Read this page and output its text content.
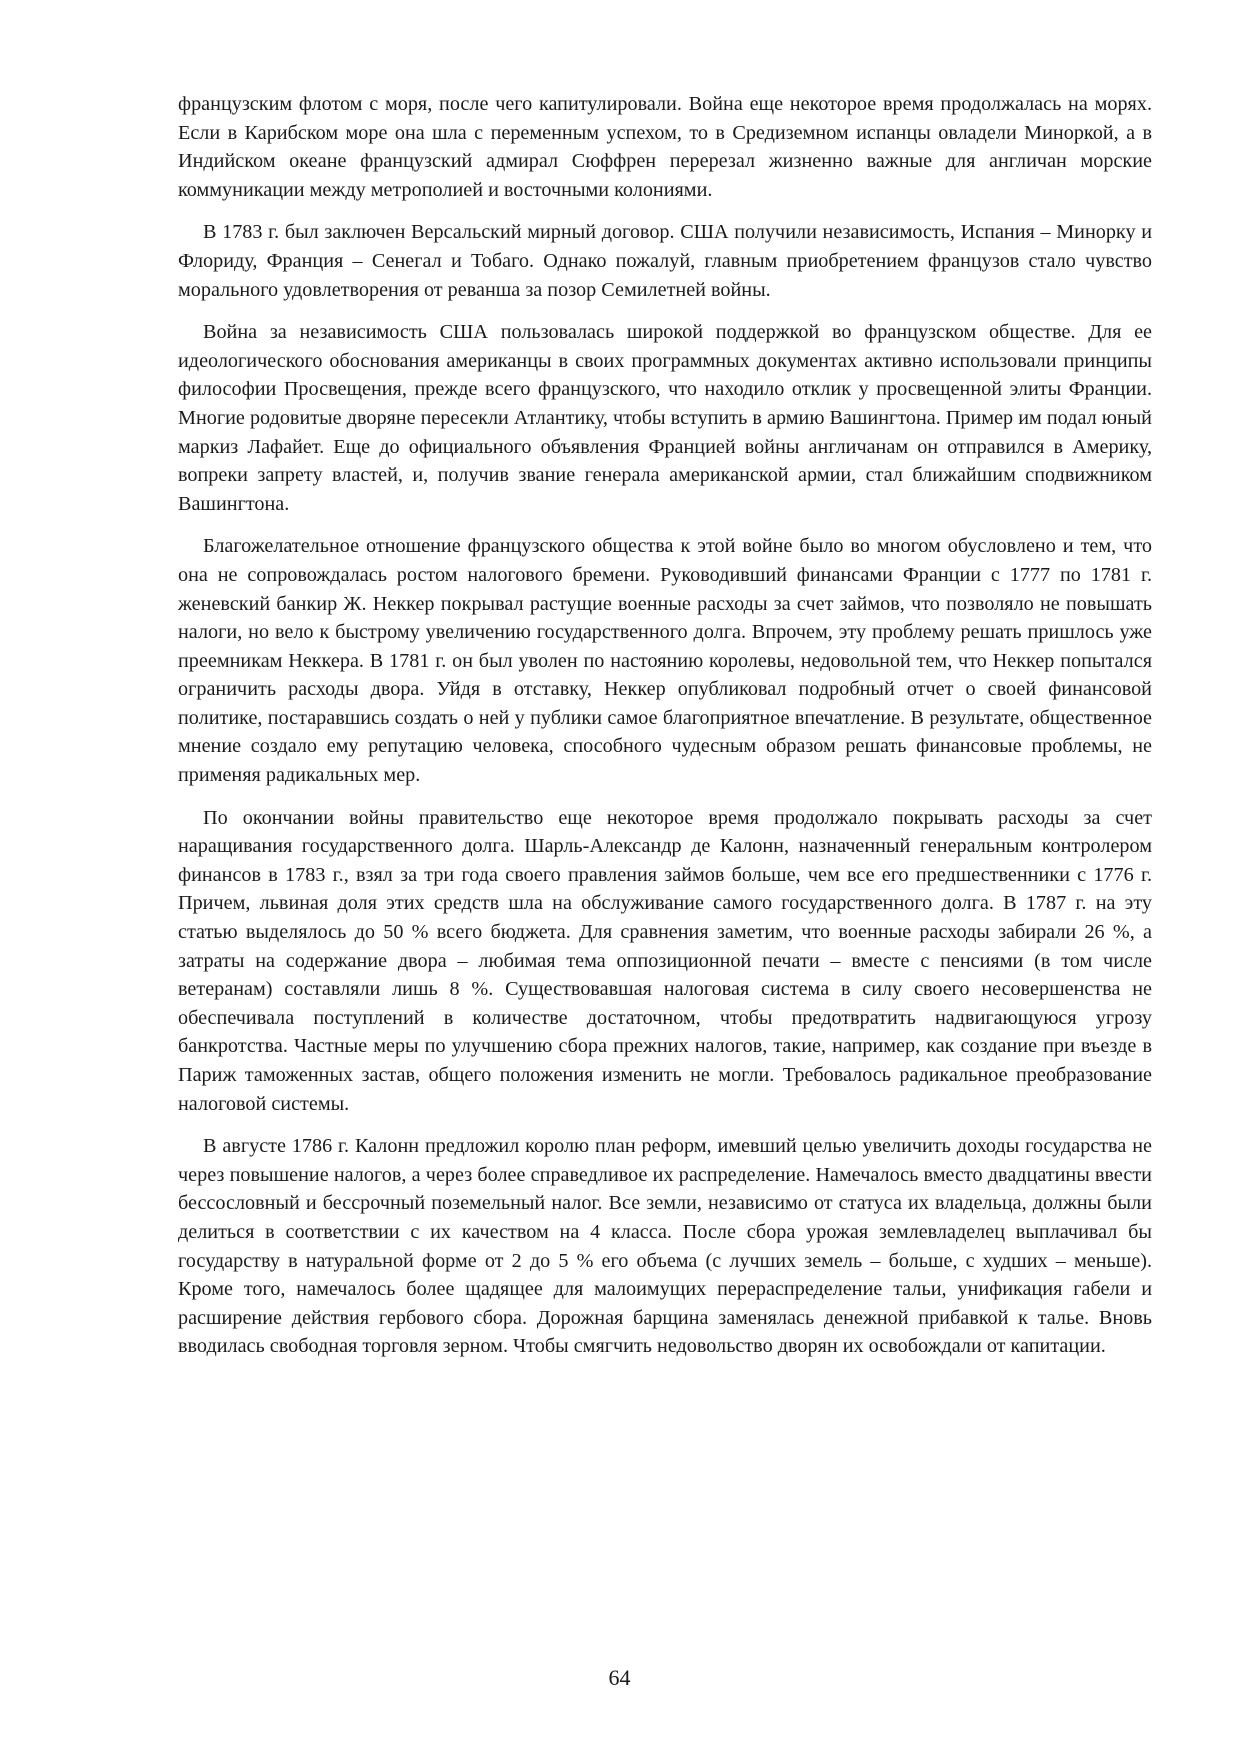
французским флотом с моря, после чего капитулировали. Война еще некоторое время продолжалась на морях. Если в Карибском море она шла с переменным успехом, то в Средиземном испанцы овладели Миноркой, а в Индийском океане французский адмирал Сюффрен перерезал жизненно важные для англичан морские коммуникации между метрополией и восточными колониями.

В 1783 г. был заключен Версальский мирный договор. США получили независимость, Испания – Минорку и Флориду, Франция – Сенегал и Тобаго. Однако пожалуй, главным приобретением французов стало чувство морального удовлетворения от реванша за позор Семилетней войны.

Война за независимость США пользовалась широкой поддержкой во французском обществе. Для ее идеологического обоснования американцы в своих программных документах активно использовали принципы философии Просвещения, прежде всего французского, что находило отклик у просвещенной элиты Франции. Многие родовитые дворяне пересекли Атлантику, чтобы вступить в армию Вашингтона. Пример им подал юный маркиз Лафайет. Еще до официального объявления Францией войны англичанам он отправился в Америку, вопреки запрету властей, и, получив звание генерала американской армии, стал ближайшим сподвижником Вашингтона.

Благожелательное отношение французского общества к этой войне было во многом обусловлено и тем, что она не сопровождалась ростом налогового бремени. Руководивший финансами Франции с 1777 по 1781 г. женевский банкир Ж. Неккер покрывал растущие военные расходы за счет займов, что позволяло не повышать налоги, но вело к быстрому увеличению государственного долга. Впрочем, эту проблему решать пришлось уже преемникам Неккера. В 1781 г. он был уволен по настоянию королевы, недовольной тем, что Неккер попытался ограничить расходы двора. Уйдя в отставку, Неккер опубликовал подробный отчет о своей финансовой политике, постаравшись создать о ней у публики самое благоприятное впечатление. В результате, общественное мнение создало ему репутацию человека, способного чудесным образом решать финансовые проблемы, не применяя радикальных мер.

По окончании войны правительство еще некоторое время продолжало покрывать расходы за счет наращивания государственного долга. Шарль-Александр де Калонн, назначенный генеральным контролером финансов в 1783 г., взял за три года своего правления займов больше, чем все его предшественники с 1776 г. Причем, львиная доля этих средств шла на обслуживание самого государственного долга. В 1787 г. на эту статью выделялось до 50 % всего бюджета. Для сравнения заметим, что военные расходы забирали 26 %, а затраты на содержание двора – любимая тема оппозиционной печати – вместе с пенсиями (в том числе ветеранам) составляли лишь 8 %. Существовавшая налоговая система в силу своего несовершенства не обеспечивала поступлений в количестве достаточном, чтобы предотвратить надвигающуюся угрозу банкротства. Частные меры по улучшению сбора прежних налогов, такие, например, как создание при въезде в Париж таможенных застав, общего положения изменить не могли. Требовалось радикальное преобразование налоговой системы.

В августе 1786 г. Калонн предложил королю план реформ, имевший целью увеличить доходы государства не через повышение налогов, а через более справедливое их распределение. Намечалось вместо двадцатины ввести бессословный и бессрочный поземельный налог. Все земли, независимо от статуса их владельца, должны были делиться в соответствии с их качеством на 4 класса. После сбора урожая землевладелец выплачивал бы государству в натуральной форме от 2 до 5 % его объема (с лучших земель – больше, с худших – меньше). Кроме того, намечалось более щадящее для малоимущих перераспределение тальи, унификация габели и расширение действия гербового сбора. Дорожная барщина заменялась денежной прибавкой к талье. Вновь вводилась свободная торговля зерном. Чтобы смягчить недовольство дворян их освобождали от капитации.

64
